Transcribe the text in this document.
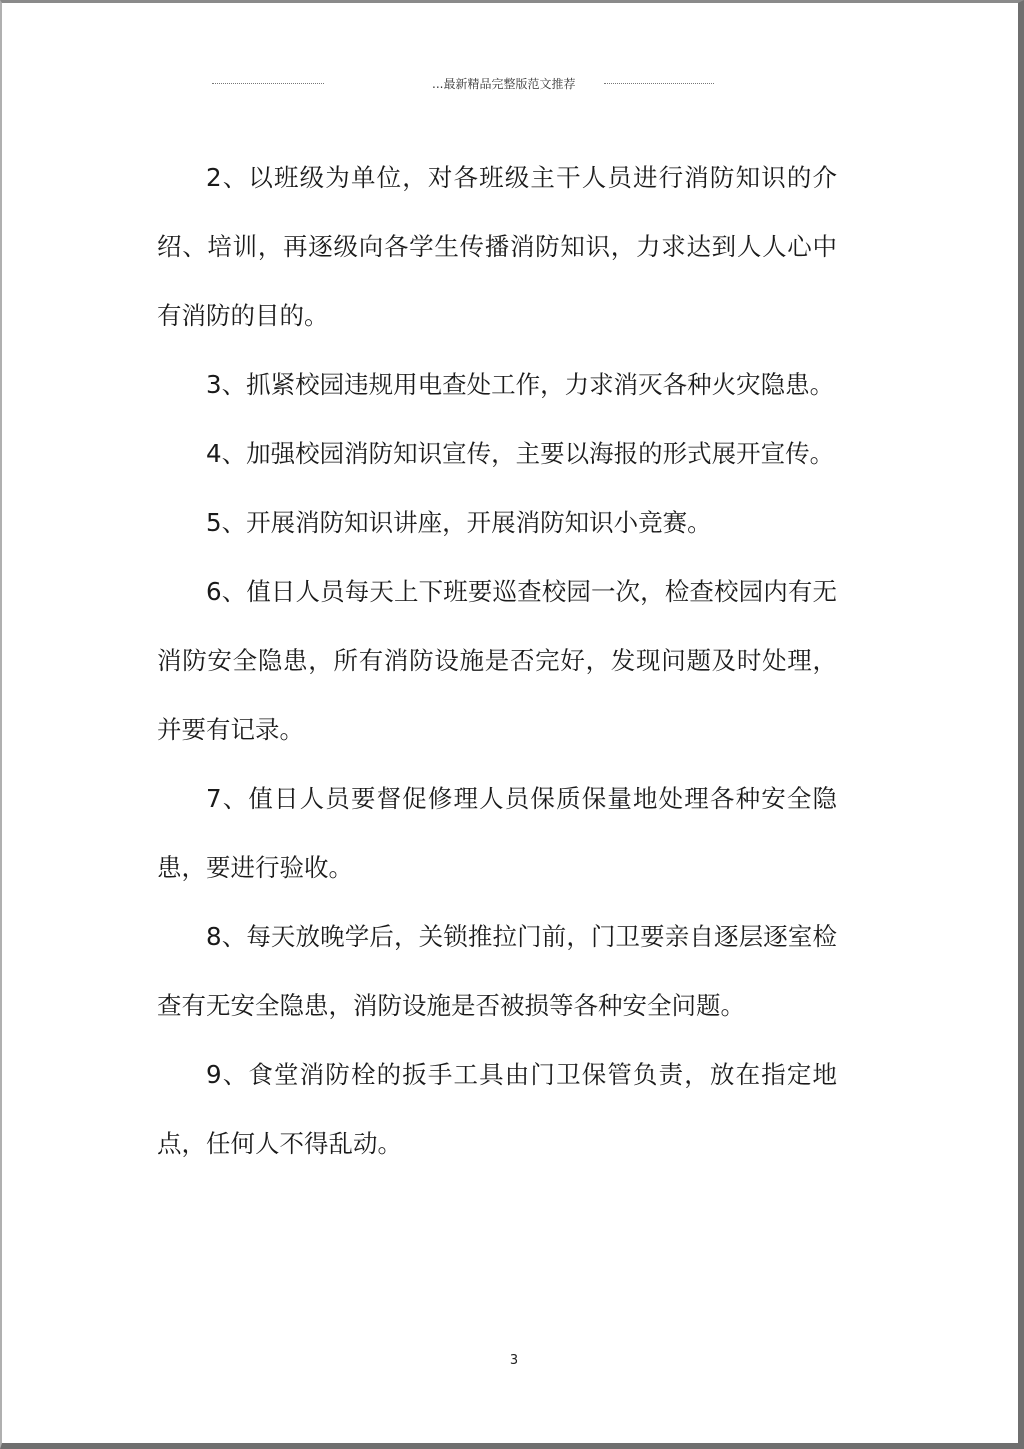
...最新精品完整版范文推荐

2、以班级为单位，对各班级主干人员进行消防知识的介绍、培训，再逐级向各学生传播消防知识，力求达到人人心中有消防的目的。

3、抓紧校园违规用电查处工作，力求消灭各种火灾隐患。

4、加强校园消防知识宣传，主要以海报的形式展开宣传。

5、开展消防知识讲座，开展消防知识小竞赛。

6、值日人员每天上下班要巡查校园一次，检查校园内有无消防安全隐患，所有消防设施是否完好，发现问题及时处理，并要有记录。

7、值日人员要督促修理人员保质保量地处理各种安全隐患，要进行验收。

8、每天放晚学后，关锁推拉门前，门卫要亲自逐层逐室检查有无安全隐患，消防设施是否被损等各种安全问题。

9、食堂消防栓的扳手工具由门卫保管负责，放在指定地点，任何人不得乱动。

3
